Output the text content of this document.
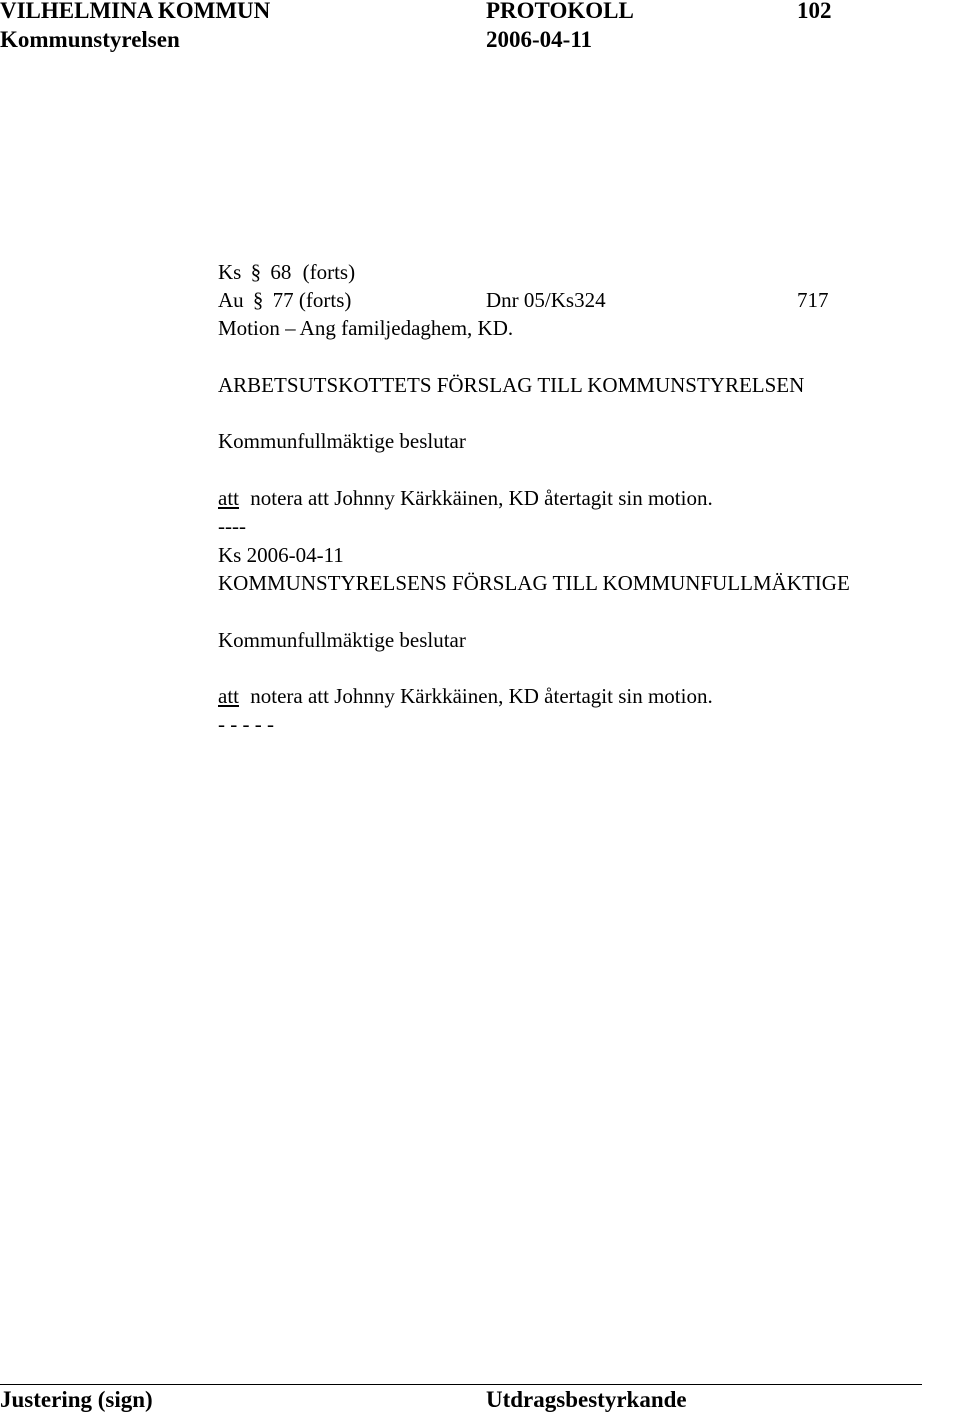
VILHELMINA KOMMUN	PROTOKOLL	102
Kommunstyrelsen	2006-04-11
Ks § 68 (forts)
Au § 77 (forts)	Dnr 05/Ks324	717
Motion – Ang familjedaghem, KD.
ARBETSUTSKOTTETS FÖRSLAG TILL KOMMUNSTYRELSEN
Kommunfullmäktige beslutar
att notera att Johnny Kärkkäinen, KD återtagit sin motion.
----
Ks 2006-04-11
KOMMUNSTYRELSENS FÖRSLAG TILL KOMMUNFULLMÄKTIGE
Kommunfullmäktige beslutar
att notera att Johnny Kärkkäinen, KD återtagit sin motion.
- - - - -
Justering (sign)	Utdragsbestyrkande
